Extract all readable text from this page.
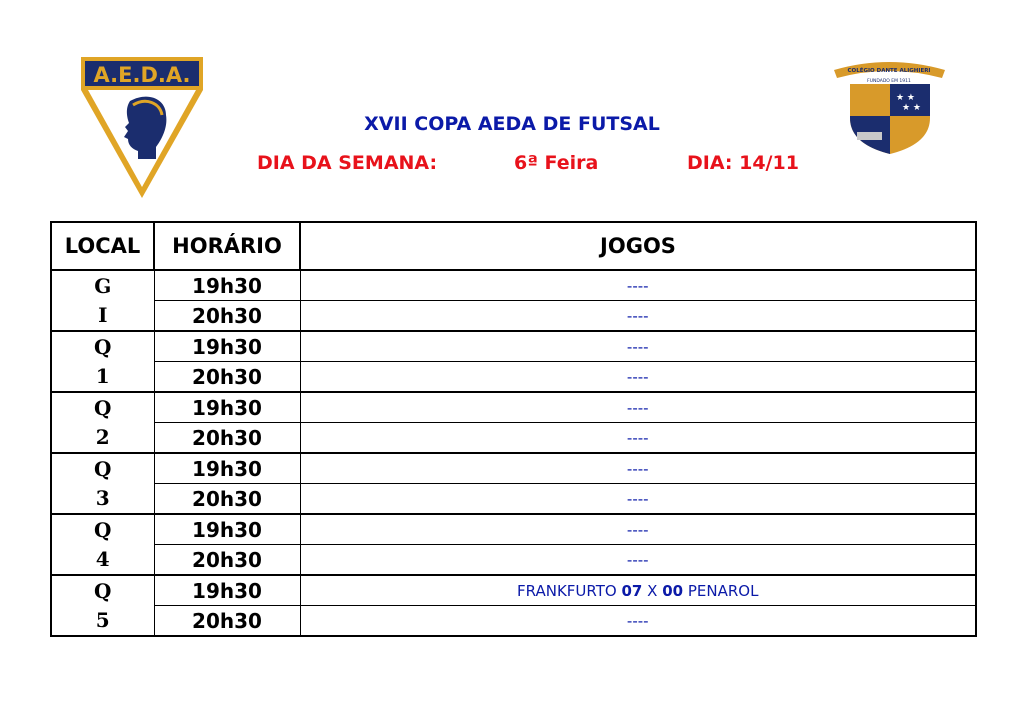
A.E.D.A.	COLÉGIO DANTE ALIGHIERI
FUNDADO EM 1911
★ ★
★ ★
XVII COPA AEDA DE FUTSAL
DIA DA SEMANA:	6ª Feira	DIA: 14/11
LOCAL	HORÁRIO	JOGOS
G	19h30	----
I	20h30	----
Q	19h30	----
1	20h30	----
Q	19h30	----
2	20h30	----
Q	19h30	----
3	20h30	----
Q	19h30	----
4	20h30	----
Q	19h30	FRANKFURTO 07 X 00 PENAROL
5	20h30	----
